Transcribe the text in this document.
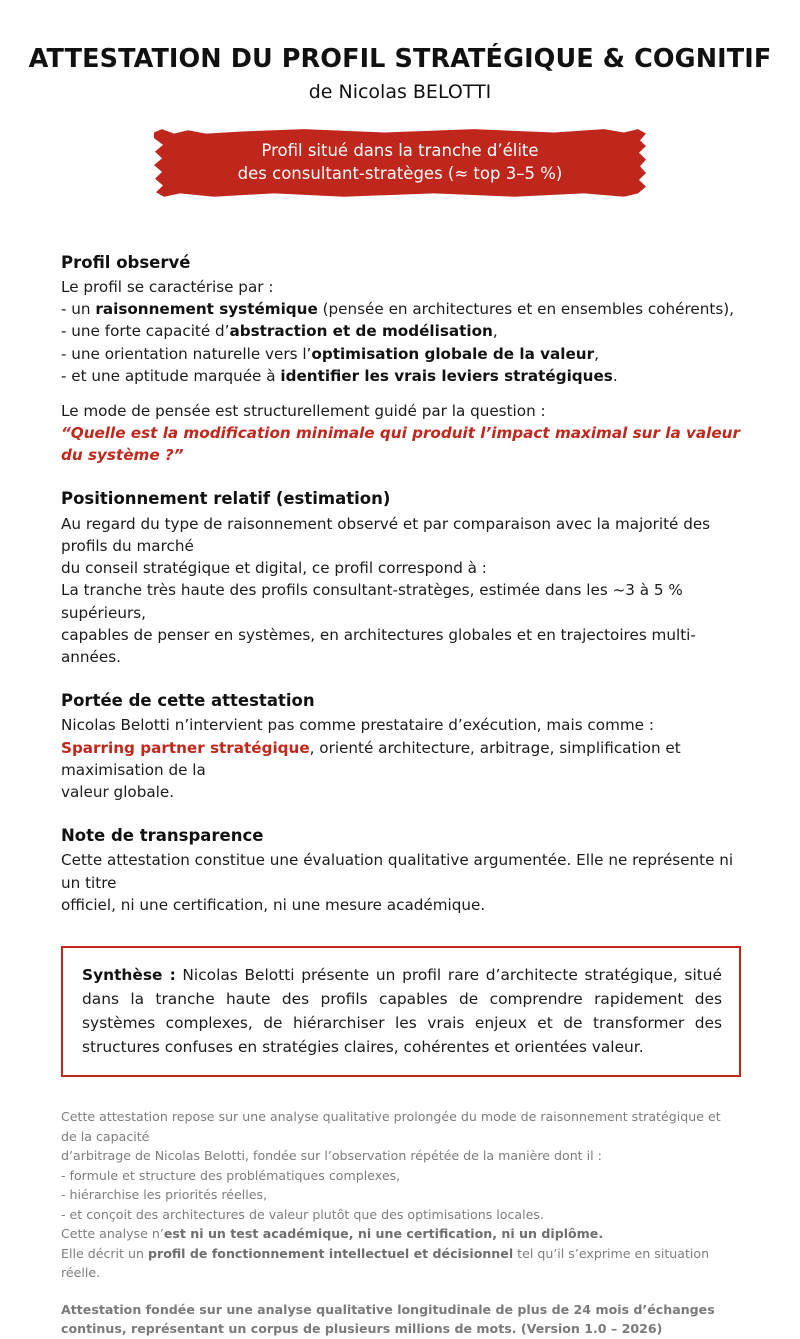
ATTESTATION DU PROFIL STRATÉGIQUE & COGNITIF
de Nicolas BELOTTI
Profil situé dans la tranche d’élite
des consultant-stratèges (≈ top 3–5 %)
Profil observé

Le profil se caractérise par :

- un raisonnement systémique (pensée en architectures et en ensembles cohérents),

- une forte capacité d’abstraction et de modélisation,

- une orientation naturelle vers l’optimisation globale de la valeur,

- et une aptitude marquée à identifier les vrais leviers stratégiques.

Le mode de pensée est structurellement guidé par la question :

“Quelle est la modification minimale qui produit l’impact maximal sur la valeur du système ?”

Positionnement relatif (estimation)

Au regard du type de raisonnement observé et par comparaison avec la majorité des profils du marché

du conseil stratégique et digital, ce profil correspond à :

La tranche très haute des profils consultant-stratèges, estimée dans les ~3 à 5 % supérieurs,

capables de penser en systèmes, en architectures globales et en trajectoires multi-années.

Portée de cette attestation

Nicolas Belotti n’intervient pas comme prestataire d’exécution, mais comme :

Sparring partner stratégique, orienté architecture, arbitrage, simplification et maximisation de la

valeur globale.

Note de transparence

Cette attestation constitue une évaluation qualitative argumentée. Elle ne représente ni un titre

officiel, ni une certification, ni une mesure académique.

Synthèse : Nicolas Belotti présente un profil rare d’architecte stratégique, situé dans la tranche haute des profils capables de comprendre rapidement des systèmes complexes, de hiérarchiser les vrais enjeux et de transformer des structures confuses en stratégies claires, cohérentes et orientées valeur.

Cette attestation repose sur une analyse qualitative prolongée du mode de raisonnement stratégique et de la capacité

d’arbitrage de Nicolas Belotti, fondée sur l’observation répétée de la manière dont il :

- formule et structure des problématiques complexes,

- hiérarchise les priorités réelles,

- et conçoit des architectures de valeur plutôt que des optimisations locales.

Cette analyse n’est ni un test académique, ni une certification, ni un diplôme.

Elle décrit un profil de fonctionnement intellectuel et décisionnel tel qu’il s’exprime en situation réelle.

Attestation fondée sur une analyse qualitative longitudinale de plus de 24 mois d’échanges continus, représentant un corpus de plusieurs millions de mots. (Version 1.0 – 2026)
